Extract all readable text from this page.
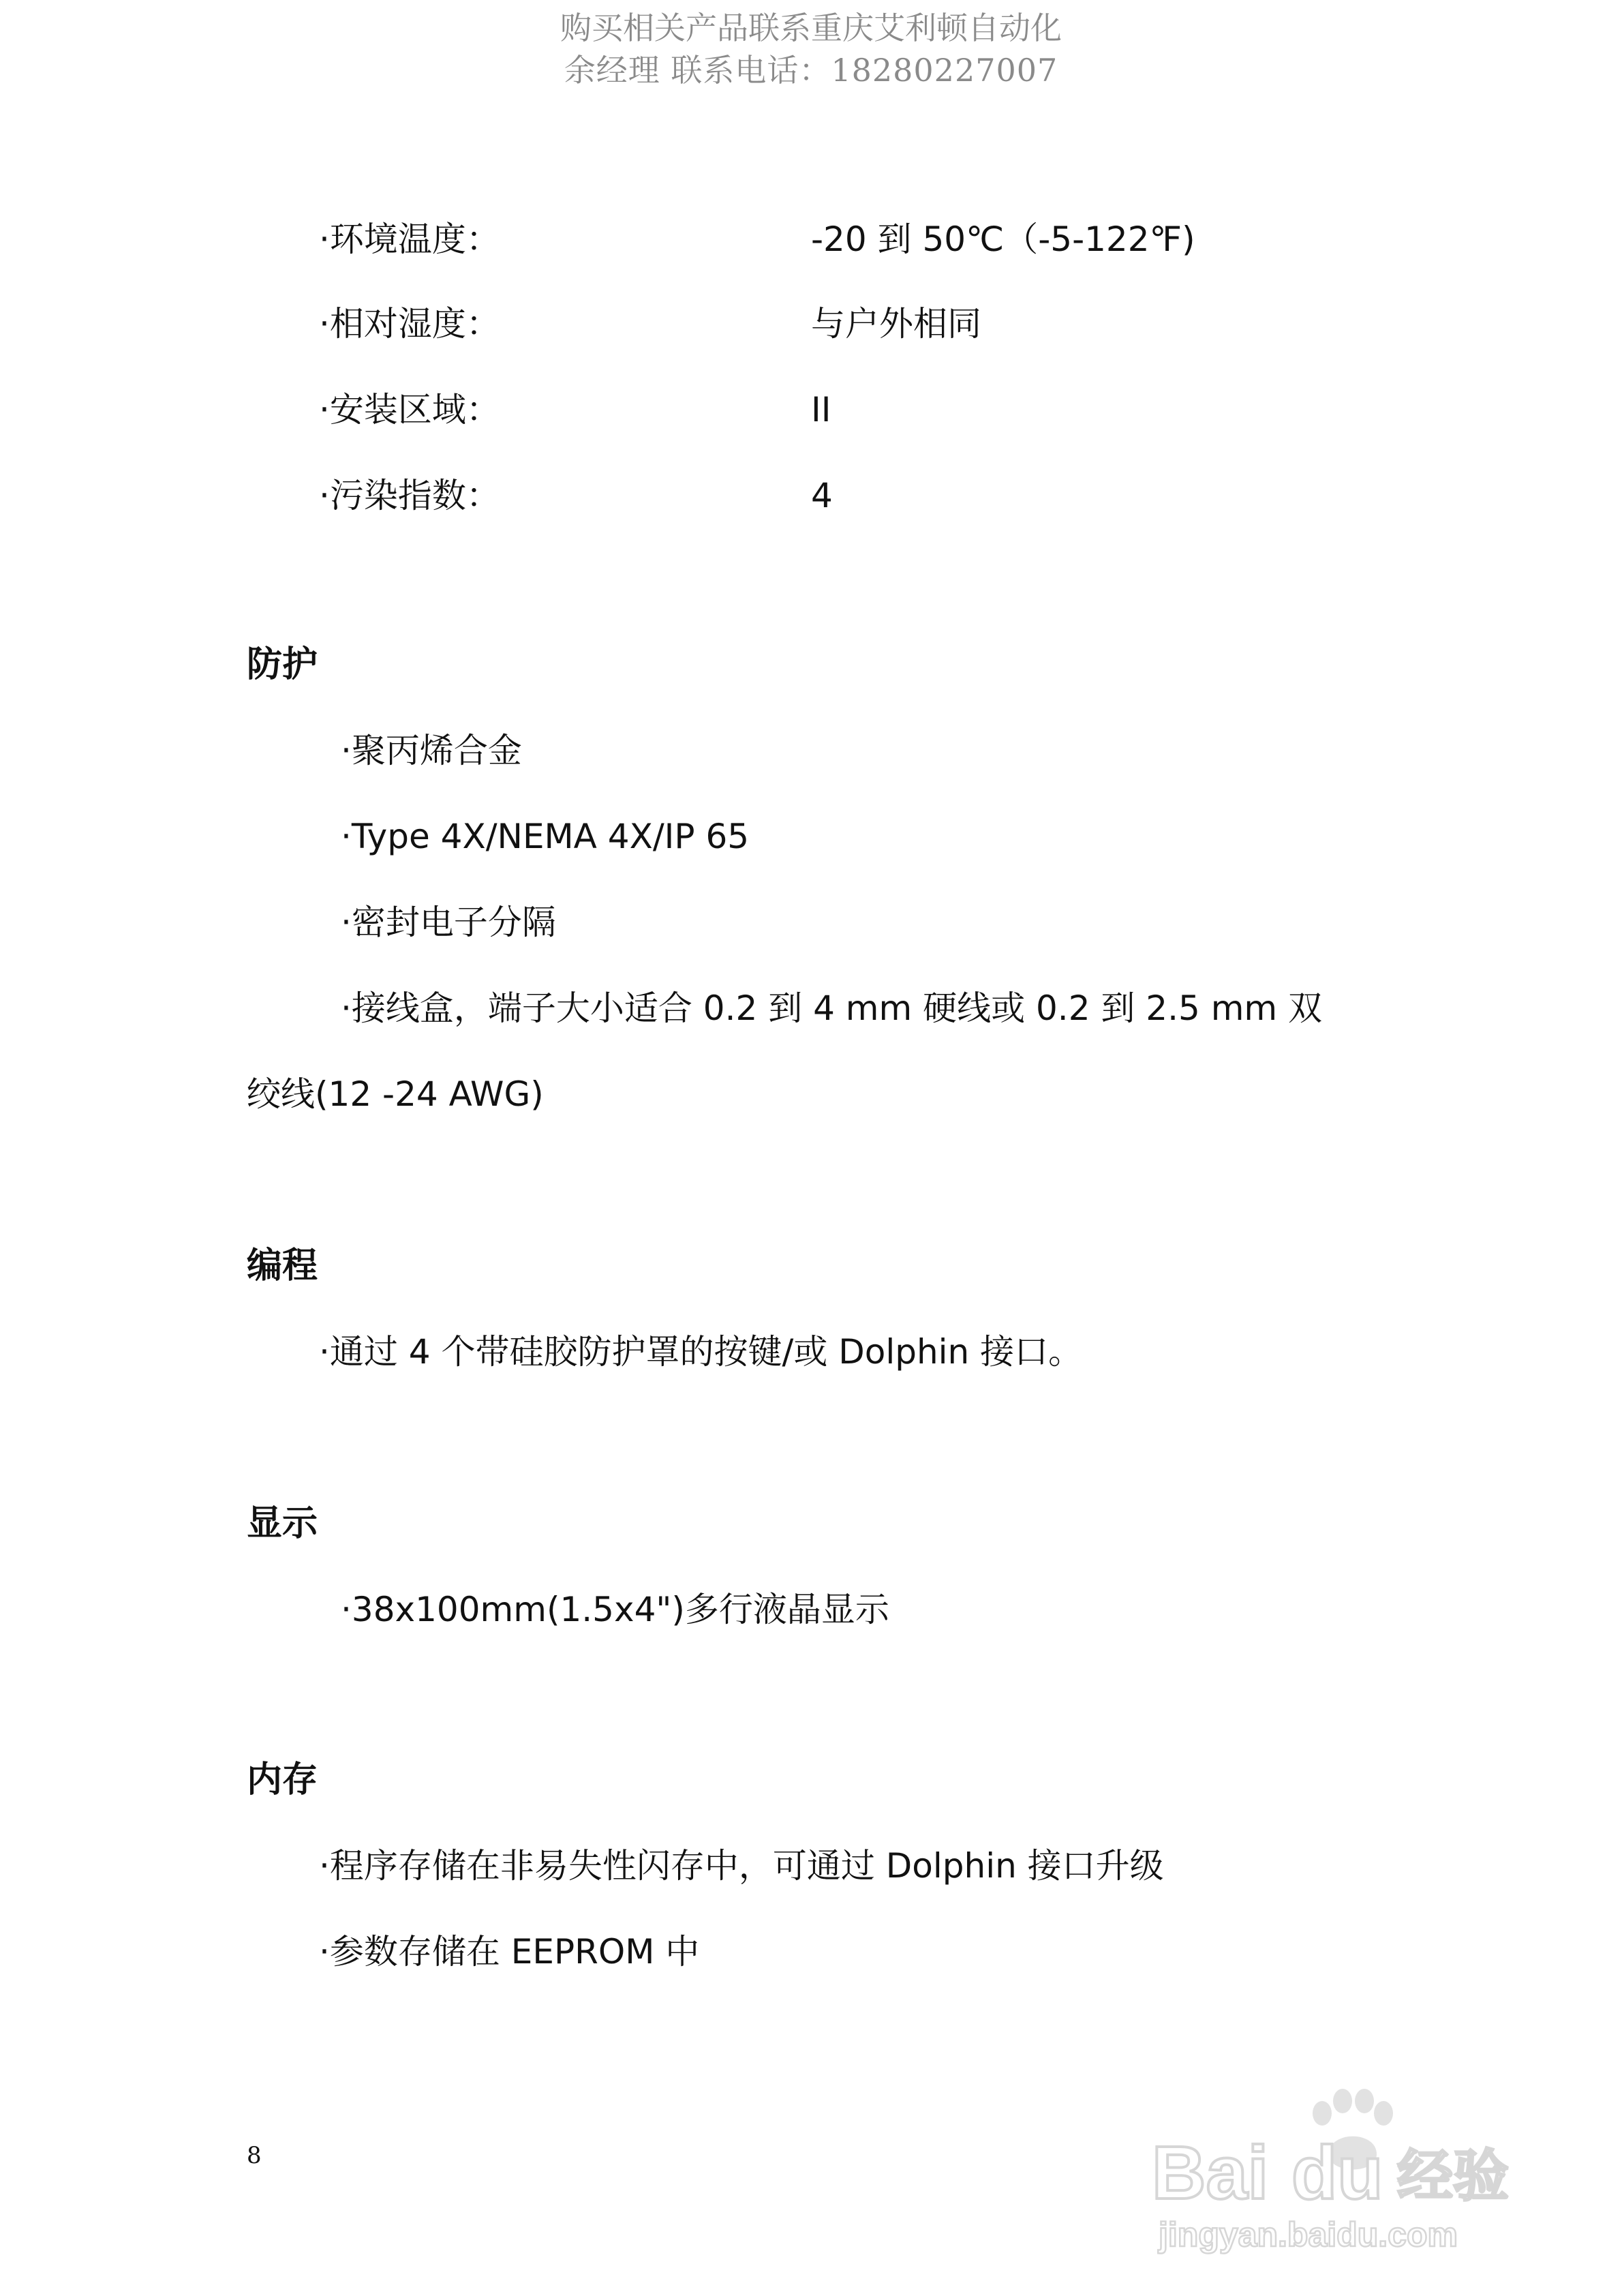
购买相关产品联系重庆艾利顿自动化
余经理 联系电话：18280227007
·环境温度：	-20 到 50℃（-5-122℉)
·相对湿度：	与户外相同
·安装区域：	II
·污染指数：	4
防护
·聚丙烯合金
·Type 4X/NEMA 4X/IP 65
·密封电子分隔
·接线盒，端子大小适合 0.2 到 4 mm 硬线或 0.2 到 2.5 mm 双
绞线(12 -24 AWG)
编程
·通过 4 个带硅胶防护罩的按键/或 Dolphin 接口。
显示
·38x100mm(1.5x4")多行液晶显示
内存
·程序存储在非易失性闪存中，可通过 Dolphin 接口升级
·参数存储在 EEPROM 中
8	Bai du 经验
jingyan.baidu.com
